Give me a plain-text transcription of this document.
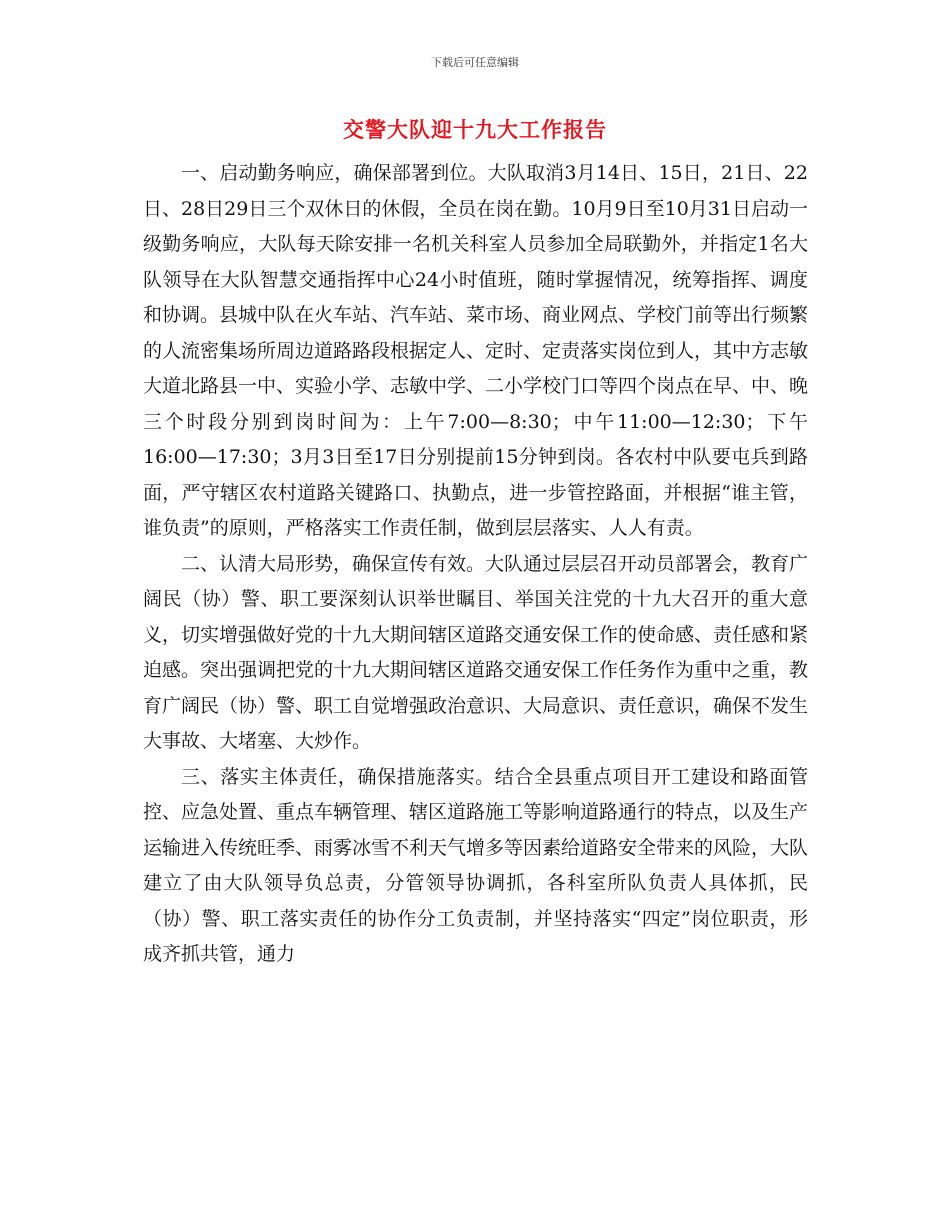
下载后可任意编辑
交警大队迎十九大工作报告

一、启动勤务响应，确保部署到位。大队取消3月14日、15日，21日、22日、28日29日三个双休日的休假，全员在岗在勤。10月9日至10月31日启动一级勤务响应，大队每天除安排一名机关科室人员参加全局联勤外，并指定1名大队领导在大队智慧交通指挥中心24小时值班，随时掌握情况，统筹指挥、调度和协调。县城中队在火车站、汽车站、菜市场、商业网点、学校门前等出行频繁的人流密集场所周边道路路段根据定人、定时、定责落实岗位到人，其中方志敏大道北路县一中、实验小学、志敏中学、二小学校门口等四个岗点在早、中、晚三个时段分别到岗时间为：上午7:00—8:30；中午11:00—12:30；下午16:00—17:30；3月3日至17日分别提前15分钟到岗。各农村中队要屯兵到路面，严守辖区农村道路关键路口、执勤点，进一步管控路面，并根据“谁主管，谁负责”的原则，严格落实工作责任制，做到层层落实、人人有责。

二、认清大局形势，确保宣传有效。大队通过层层召开动员部署会，教育广阔民（协）警、职工要深刻认识举世瞩目、举国关注党的十九大召开的重大意义，切实增强做好党的十九大期间辖区道路交通安保工作的使命感、责任感和紧迫感。突出强调把党的十九大期间辖区道路交通安保工作任务作为重中之重，教育广阔民（协）警、职工自觉增强政治意识、大局意识、责任意识，确保不发生大事故、大堵塞、大炒作。

三、落实主体责任，确保措施落实。结合全县重点项目开工建设和路面管控、应急处置、重点车辆管理、辖区道路施工等影响道路通行的特点，以及生产运输进入传统旺季、雨雾冰雪不利天气增多等因素给道路安全带来的风险，大队建立了由大队领导负总责，分管领导协调抓，各科室所队负责人具体抓，民（协）警、职工落实责任的协作分工负责制，并坚持落实“四定”岗位职责，形成齐抓共管，通力
